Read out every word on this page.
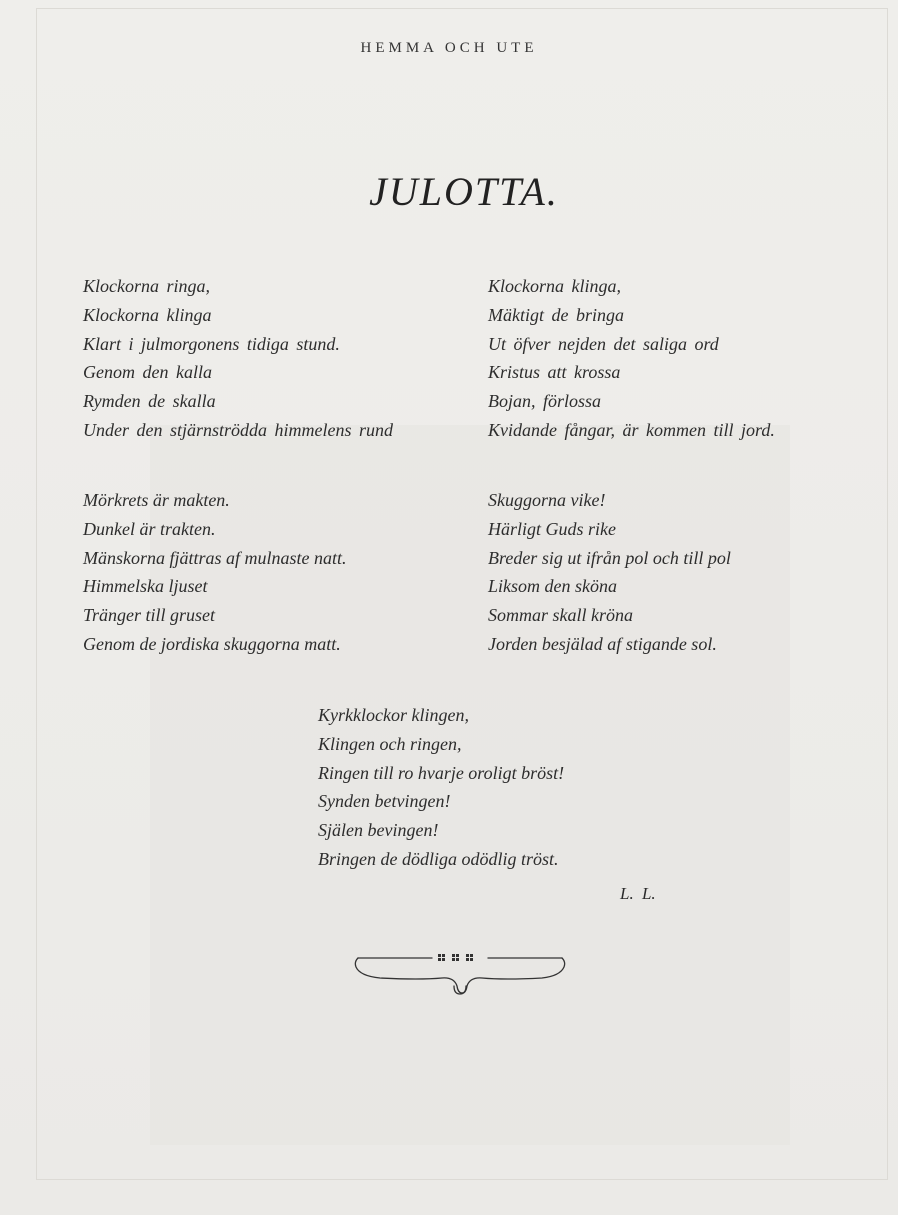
HEMMA OCH UTE
JULOTTA.
Klockorna ringa,
Klockorna klinga
Klart i julmorgonens tidiga stund.
Genom den kalla
Rymden de skalla
Under den stjärnströdda himmelens rund
Klockorna klinga,
Mäktigt de bringa
Ut öfver nejden det saliga ord
Kristus att krossa
Bojan, förlossa
Kvidande fångar, är kommen till jord.
Mörkrets är makten.
Dunkel är trakten.
Mänskorna fjättras af mulnaste natt.
Himmelska ljuset
Tränger till gruset
Genom de jordiska skuggorna matt.
Skuggorna vike!
Härligt Guds rike
Breder sig ut ifrån pol och till pol
Liksom den sköna
Sommar skall kröna
Jorden besjälad af stigande sol.
Kyrkklockor klingen,
Klingen och ringen,
Ringen till ro hvarje oroligt bröst!
Synden betvingen!
Själen bevingen!
Bringen de dödliga odödlig tröst.
L. L.
